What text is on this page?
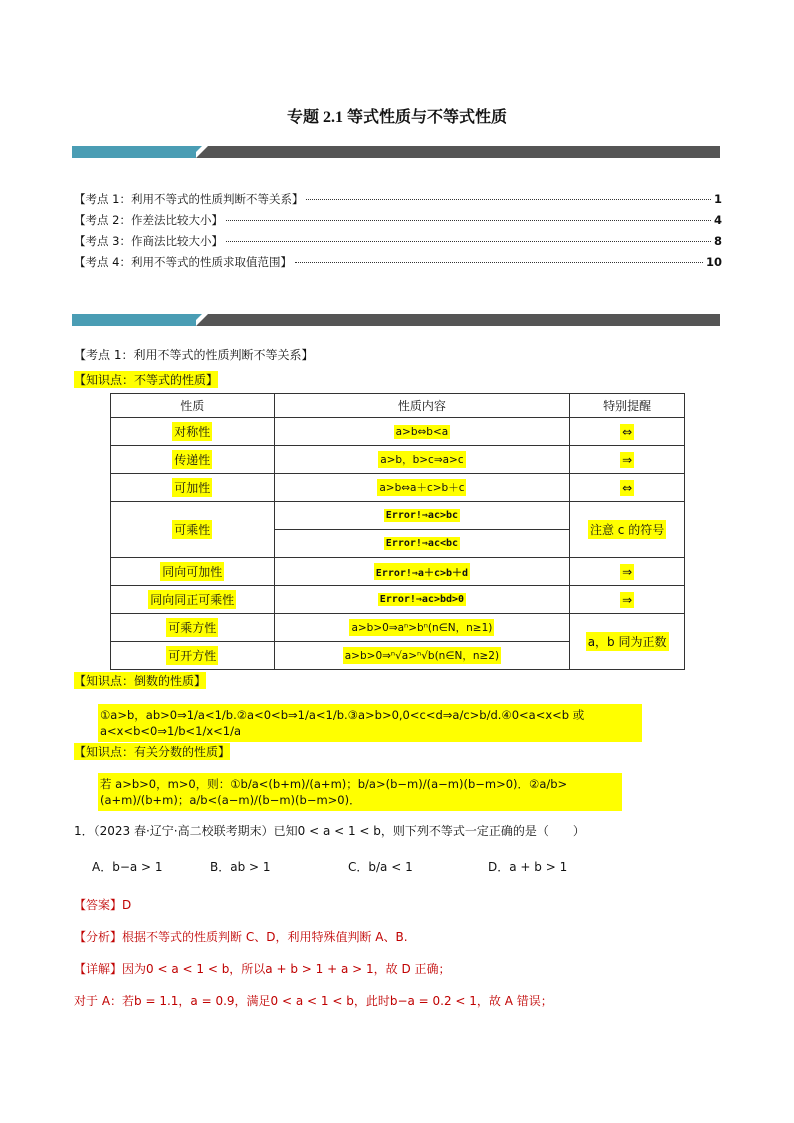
专题 2.1 等式性质与不等式性质
【考点 1：利用不等式的性质判断不等关系】	1
【考点 2：作差法比较大小】	4
【考点 3：作商法比较大小】	8
【考点 4：利用不等式的性质求取值范围】	10
【考点 1：利用不等式的性质判断不等关系】
【知识点：不等式的性质】
性质	性质内容	特别提醒
对称性	a>b⇔b<a	⇔
传递性	a>b，b>c⇒a>c	⇒
可加性	a>b⇔a＋c>b＋c	⇔
可乘性	Error!⇒ac>bc	注意 c 的符号
	Error!⇒ac<bc	
同向可加性	Error!⇒a＋c>b＋d	⇒
同向同正可乘性	Error!⇒ac>bd>0	⇒
可乘方性	a>b>0⇒aⁿ>bⁿ(n∈N，n≥1)	a，b 同为正数
可开方性	a>b>0⇒ⁿ√a>ⁿ√b(n∈N，n≥2)	
【知识点：倒数的性质】
①a>b，ab>0⇒1/a<1/b.②a<0<b⇒1/a<1/b.③a>b>0,0<c<d⇒a/c>b/d.④0<a<x<b 或 a<x<b<0⇒1/b<1/x<1/a
【知识点：有关分数的性质】
若 a>b>0，m>0，则：①b/a<(b+m)/(a+m)；b/a>(b−m)/(a−m)(b−m>0)．②a/b>(a+m)/(b+m)；a/b<(a−m)/(b−m)(b−m>0)．
1．（2023 春·辽宁·高二校联考期末）已知0 < a < 1 < b，则下列不等式一定正确的是（　　）
A．b−a > 1	B．ab > 1	C．b/a < 1	D．a + b > 1
【答案】D
【分析】根据不等式的性质判断 C、D，利用特殊值判断 A、B.
【详解】因为0 < a < 1 < b，所以a + b > 1 + a > 1，故 D 正确；
对于 A：若b = 1.1，a = 0.9，满足0 < a < 1 < b，此时b−a = 0.2 < 1，故 A 错误；
